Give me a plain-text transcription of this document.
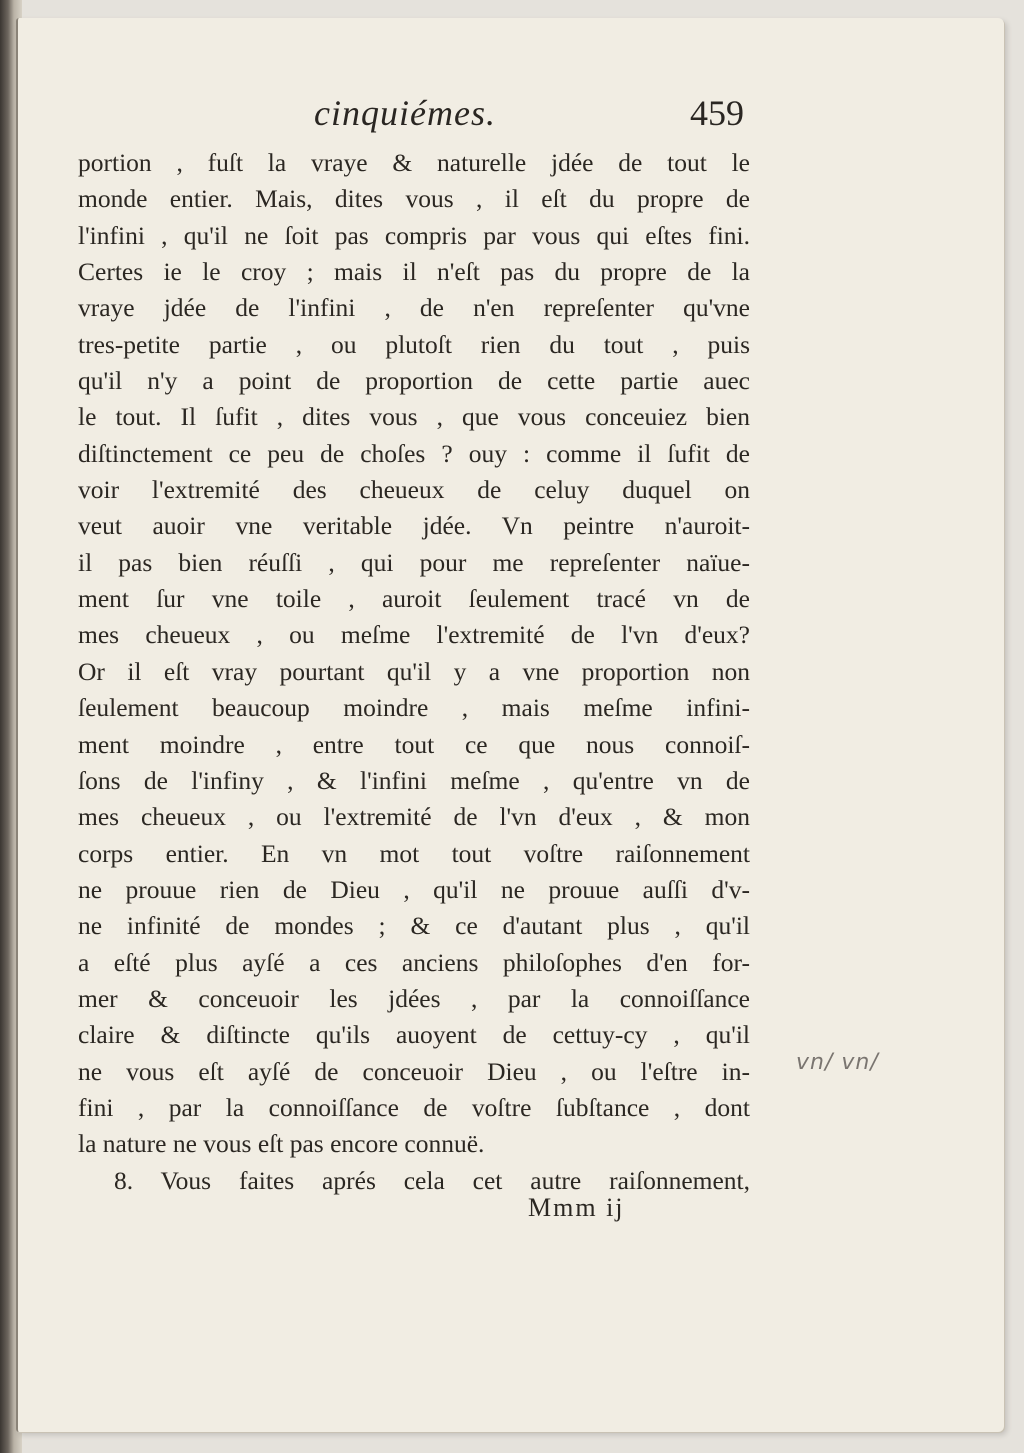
cinquiémes.	459
portion , fuſt la vraye & naturelle jdée de tout le
monde entier. Mais, dites vous , il eſt du propre de
l'infini , qu'il ne ſoit pas compris par vous qui eſtes fini.
Certes ie le croy ; mais il n'eſt pas du propre de la
vraye jdée de l'infini , de n'en repreſenter qu'vne
tres-petite partie , ou plutoſt rien du tout , puis
qu'il n'y a point de proportion de cette partie auec
le tout. Il ſufit , dites vous , que vous conceuiez bien
diſtinctement ce peu de choſes ? ouy : comme il ſufit de
voir l'extremité des cheueux de celuy duquel on
veut auoir vne veritable jdée. Vn peintre n'auroit-
il pas bien réuſſi , qui pour me repreſenter naïue-
ment ſur vne toile , auroit ſeulement tracé vn de
mes cheueux , ou meſme l'extremité de l'vn d'eux?
Or il eſt vray pourtant qu'il y a vne proportion non
ſeulement beaucoup moindre , mais meſme infini-
ment moindre , entre tout ce que nous connoiſ-
ſons de l'infiny , & l'infini meſme , qu'entre vn de
mes cheueux , ou l'extremité de l'vn d'eux , & mon
corps entier. En vn mot tout voſtre raiſonnement
ne prouue rien de Dieu , qu'il ne prouue auſſi d'v-
ne infinité de mondes ; & ce d'autant plus , qu'il
a eſté plus ayſé a ces anciens philoſophes d'en for-
mer & conceuoir les jdées , par la connoiſſance
claire & diſtincte qu'ils auoyent de cettuy-cy , qu'il
ne vous eſt ayſé de conceuoir Dieu , ou l'eſtre in-
fini , par la connoiſſance de voſtre ſubſtance , dont
la nature ne vous eſt pas encore connuë.
8. Vous faites aprés cela cet autre raiſonnement,
Mmm ij
vn/ vn/
